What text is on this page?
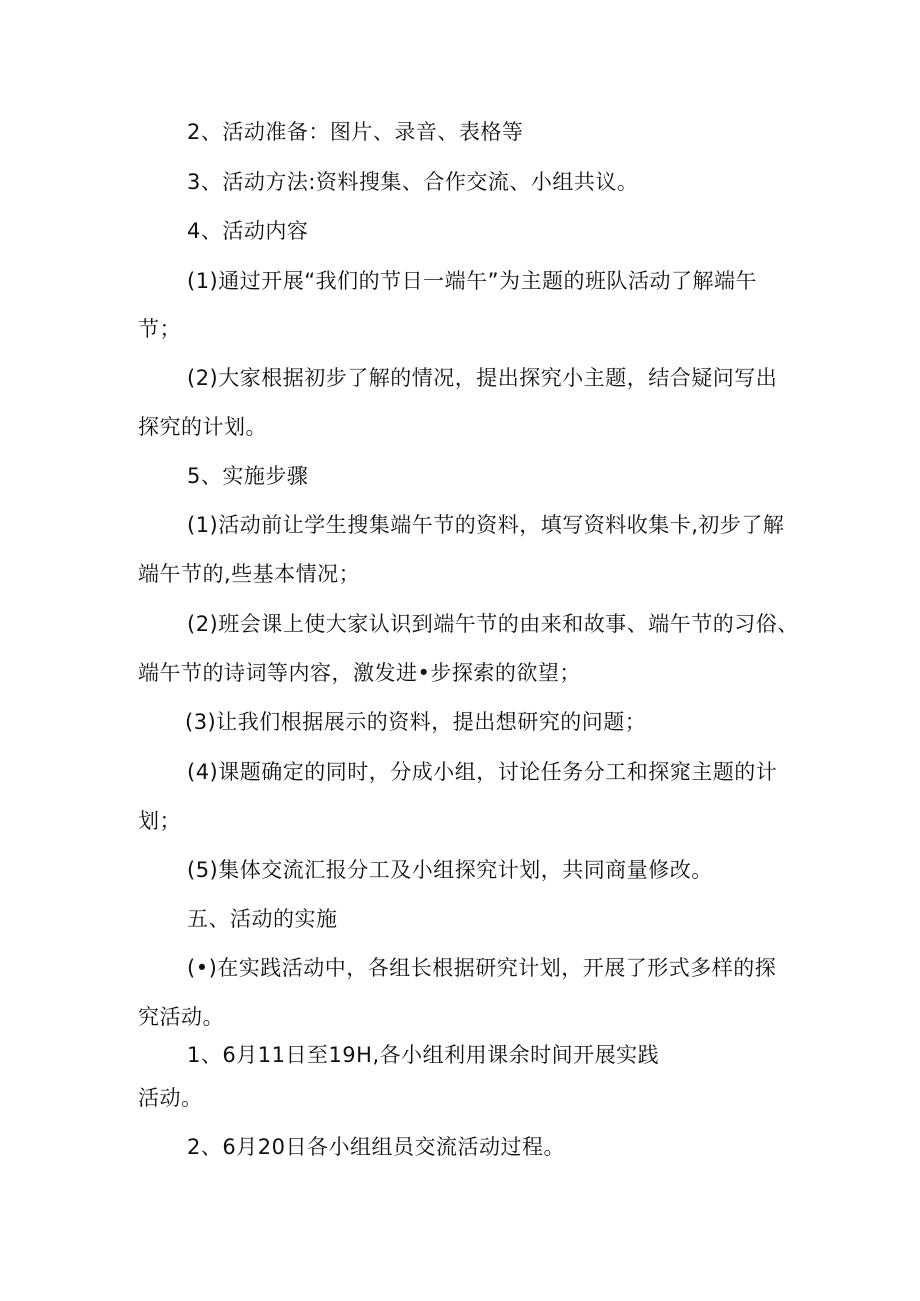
2、活动准备：图片、录音、表格等
3、活动方法:资料搜集、合作交流、小组共议。
4、活动内容
(1)通过开展“我们的节日一端午”为主题的班队活动了解端午
节；
(2)大家根据初步了解的情况，提出探究小主题，结合疑问写出
探究的计划。
5、实施步骤
(1)活动前让学生搜集端午节的资料，填写资料收集卡,初步了解
端午节的,些基本情况；
(2)班会课上使大家认识到端午节的由来和故事、端午节的习俗、
端午节的诗词等内容，激发进•步探索的欲望；
(3)让我们根据展示的资料，提出想研究的问题；
(4)课题确定的同时，分成小组，讨论任务分工和探窕主题的计
划；
(5)集体交流汇报分工及小组探究计划，共同商量修改。
五、活动的实施
(•)在实践活动中，各组长根据研究计划，开展了形式多样的探
究活动。
1、6月11日至19H,各小组利用课余时间开展实践
活动。
2、6月20日各小组组员交流活动过程。
